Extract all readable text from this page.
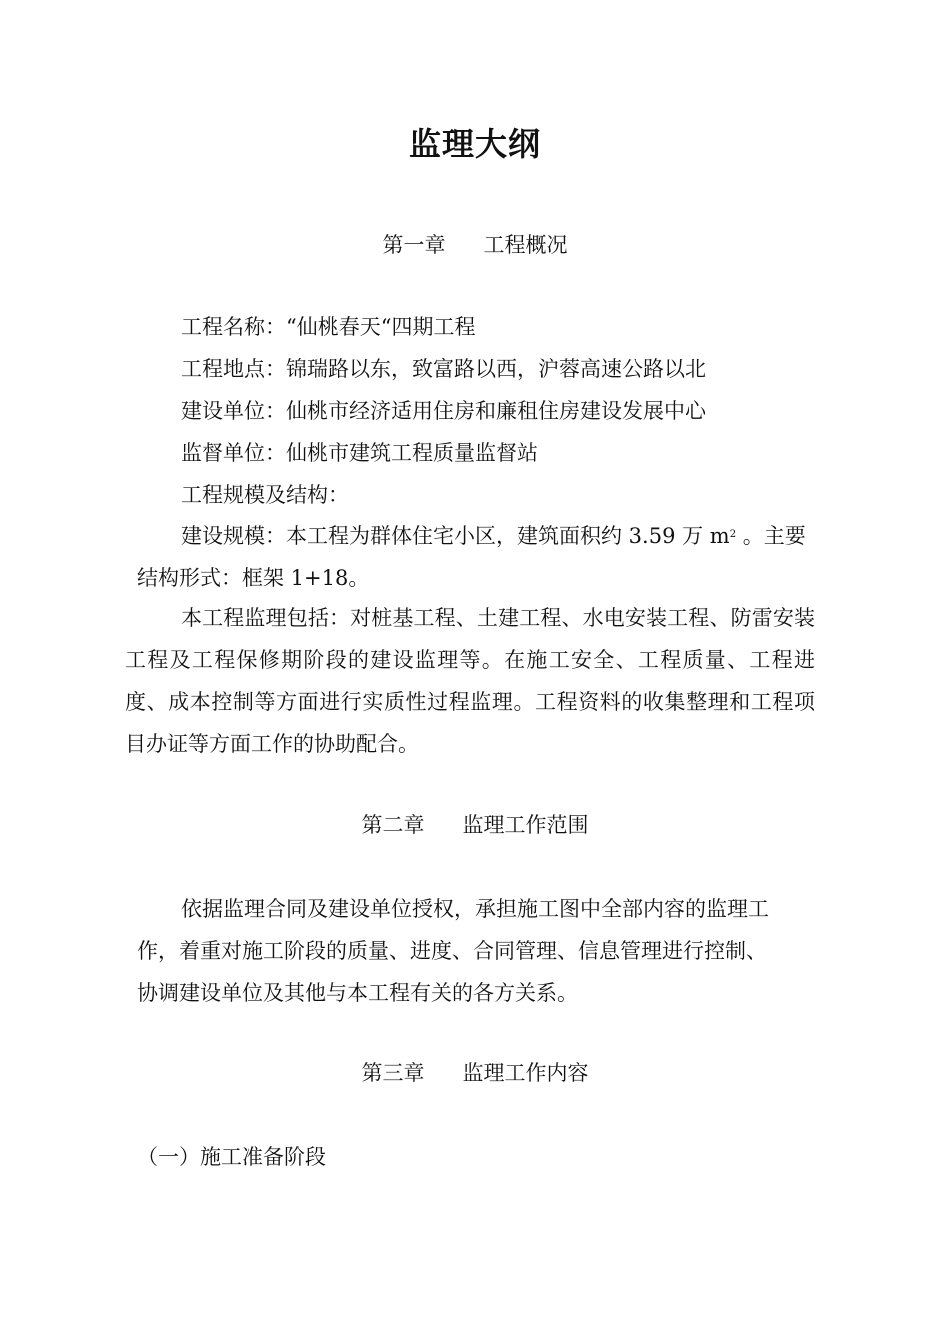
监理大纲
第一章 工程概况
工程名称：“仙桃春天“四期工程
工程地点：锦瑞路以东，致富路以西，沪蓉高速公路以北
建设单位：仙桃市经济适用住房和廉租住房建设发展中心
监督单位：仙桃市建筑工程质量监督站
工程规模及结构：
建设规模：本工程为群体住宅小区，建筑面积约 3.59 万 $m^2$ 。主要
结构形式：框架 1+18。
本工程监理包括：对桩基工程、土建工程、水电安装工程、防雷安装工程及工程保修期阶段的建设监理等。在施工安全、工程质量、工程进度、成本控制等方面进行实质性过程监理。工程资料的收集整理和工程项目办证等方面工作的协助配合。
第二章 监理工作范围
依据监理合同及建设单位授权，承担施工图中全部内容的监理工
作，着重对施工阶段的质量、进度、合同管理、信息管理进行控制、
协调建设单位及其他与本工程有关的各方关系。
第三章 监理工作内容
（一）施工准备阶段
